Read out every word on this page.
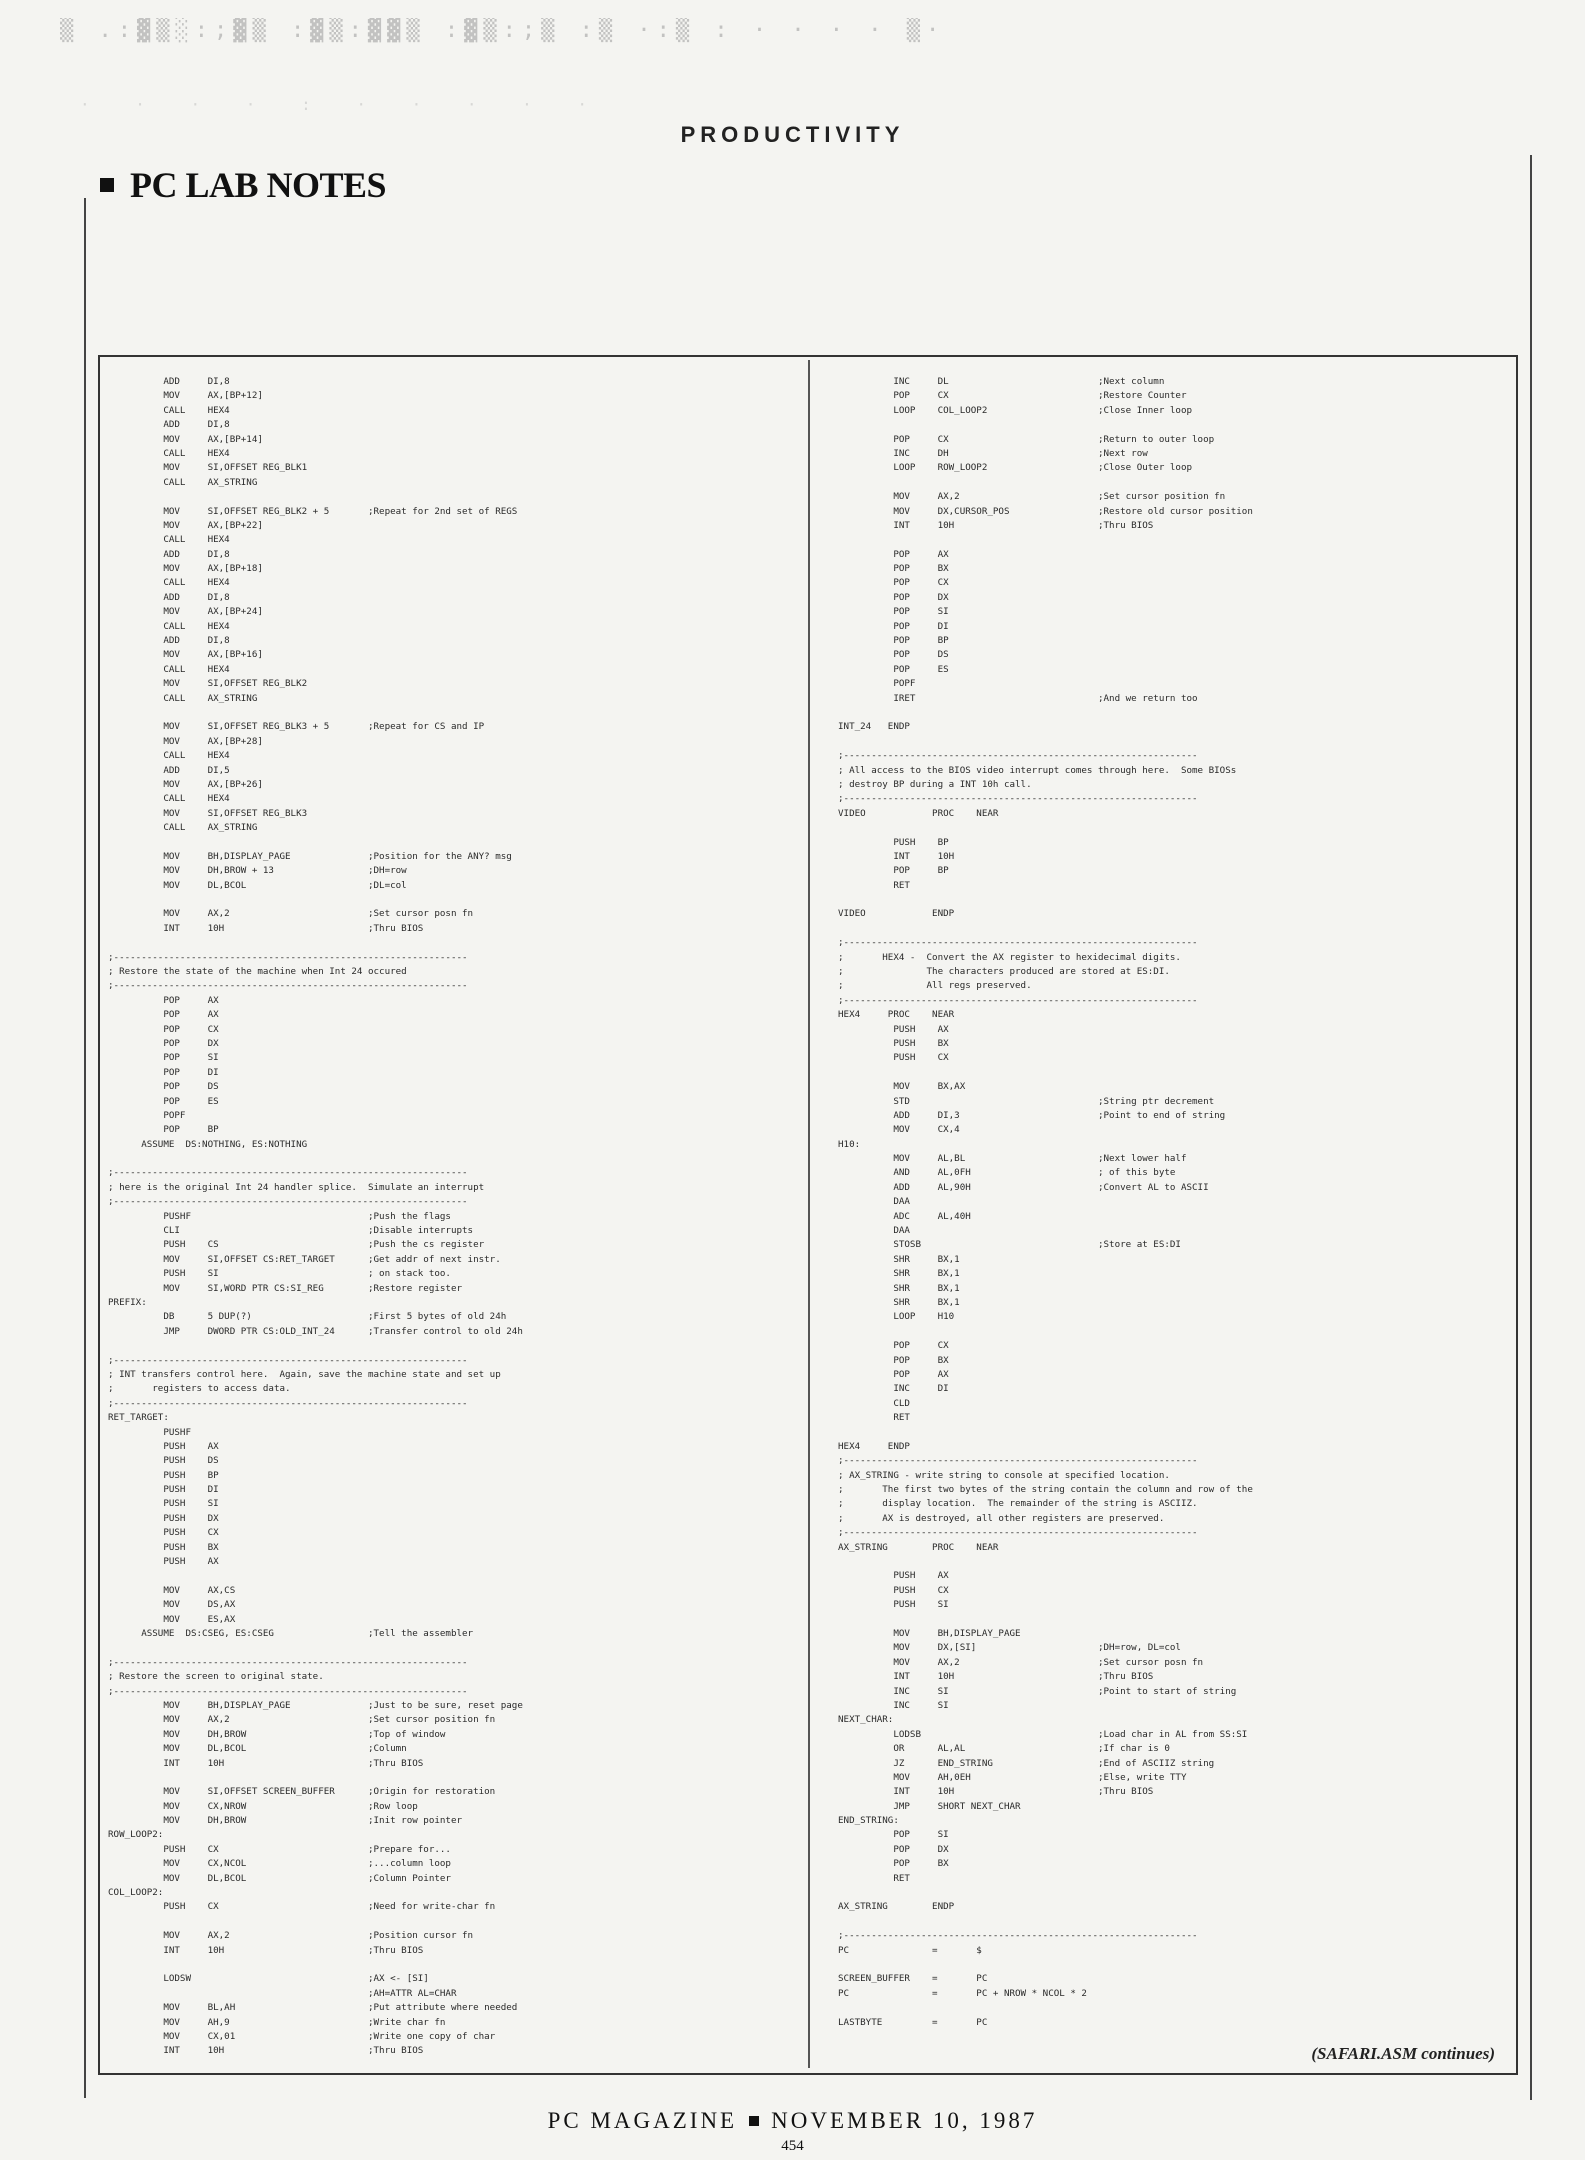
▒ .:▓▒░:;▓▒ :▓▒:▓▓▒ :▓▒:;▒ :▒ ·:▒ : · · · · ▒·
· · · · : · · · · ·
PRODUCTIVITY
PC LAB NOTES
ADD     DI,8
MOV     AX,[BP+12]
CALL    HEX4
ADD     DI,8
MOV     AX,[BP+14]
CALL    HEX4
MOV     SI,OFFSET REG_BLK1
CALL    AX_STRING
MOV     SI,OFFSET REG_BLK2 + 5       ;Repeat for 2nd set of REGS
MOV     AX,[BP+22]
CALL    HEX4
ADD     DI,8
MOV     AX,[BP+18]
CALL    HEX4
ADD     DI,8
MOV     AX,[BP+24]
CALL    HEX4
ADD     DI,8
MOV     AX,[BP+16]
CALL    HEX4
MOV     SI,OFFSET REG_BLK2
CALL    AX_STRING
MOV     SI,OFFSET REG_BLK3 + 5       ;Repeat for CS and IP
MOV     AX,[BP+28]
CALL    HEX4
ADD     DI,5
MOV     AX,[BP+26]
CALL    HEX4
MOV     SI,OFFSET REG_BLK3
CALL    AX_STRING
MOV     BH,DISPLAY_PAGE              ;Position for the ANY? msg
MOV     DH,BROW + 13                 ;DH=row
MOV     DL,BCOL                      ;DL=col
MOV     AX,2                         ;Set cursor posn fn
INT     10H                          ;Thru BIOS
;----------------------------------------------------------------
; Restore the state of the machine when Int 24 occured
;----------------------------------------------------------------
POP     AX
POP     AX
POP     CX
POP     DX
POP     SI
POP     DI
POP     DS
POP     ES
POPF
POP     BP
ASSUME  DS:NOTHING, ES:NOTHING
;----------------------------------------------------------------
; here is the original Int 24 handler splice.  Simulate an interrupt
;----------------------------------------------------------------
PUSHF                                ;Push the flags
CLI                                  ;Disable interrupts
PUSH    CS                           ;Push the cs register
MOV     SI,OFFSET CS:RET_TARGET      ;Get addr of next instr.
PUSH    SI                           ; on stack too.
MOV     SI,WORD PTR CS:SI_REG        ;Restore register
PREFIX:
DB      5 DUP(?)                     ;First 5 bytes of old 24h
JMP     DWORD PTR CS:OLD_INT_24      ;Transfer control to old 24h
;----------------------------------------------------------------
; INT transfers control here.  Again, save the machine state and set up
;       registers to access data.
;----------------------------------------------------------------
RET_TARGET:
PUSHF
PUSH    AX
PUSH    DS
PUSH    BP
PUSH    DI
PUSH    SI
PUSH    DX
PUSH    CX
PUSH    BX
PUSH    AX
MOV     AX,CS
MOV     DS,AX
MOV     ES,AX
ASSUME  DS:CSEG, ES:CSEG                 ;Tell the assembler
;----------------------------------------------------------------
; Restore the screen to original state.
;----------------------------------------------------------------
MOV     BH,DISPLAY_PAGE              ;Just to be sure, reset page
MOV     AX,2                         ;Set cursor position fn
MOV     DH,BROW                      ;Top of window
MOV     DL,BCOL                      ;Column
INT     10H                          ;Thru BIOS
MOV     SI,OFFSET SCREEN_BUFFER      ;Origin for restoration
MOV     CX,NROW                      ;Row loop
MOV     DH,BROW                      ;Init row pointer
ROW_LOOP2:
PUSH    CX                           ;Prepare for...
MOV     CX,NCOL                      ;...column loop
MOV     DL,BCOL                      ;Column Pointer
COL_LOOP2:
PUSH    CX                           ;Need for write-char fn
MOV     AX,2                         ;Position cursor fn
INT     10H                          ;Thru BIOS
LODSW                                ;AX <- [SI]
;AH=ATTR AL=CHAR
MOV     BL,AH                        ;Put attribute where needed
MOV     AH,9                         ;Write char fn
MOV     CX,01                        ;Write one copy of char
INT     10H                          ;Thru BIOS
INC     DL                           ;Next column
POP     CX                           ;Restore Counter
LOOP    COL_LOOP2                    ;Close Inner loop
POP     CX                           ;Return to outer loop
INC     DH                           ;Next row
LOOP    ROW_LOOP2                    ;Close Outer loop
MOV     AX,2                         ;Set cursor position fn
MOV     DX,CURSOR_POS                ;Restore old cursor position
INT     10H                          ;Thru BIOS
POP     AX
POP     BX
POP     CX
POP     DX
POP     SI
POP     DI
POP     BP
POP     DS
POP     ES
POPF
IRET                                 ;And we return too
INT_24   ENDP
;----------------------------------------------------------------
; All access to the BIOS video interrupt comes through here.  Some BIOSs
; destroy BP during a INT 10h call.
;----------------------------------------------------------------
VIDEO            PROC    NEAR
PUSH    BP
INT     10H
POP     BP
RET
VIDEO            ENDP
;----------------------------------------------------------------
;       HEX4 -  Convert the AX register to hexidecimal digits.
;               The characters produced are stored at ES:DI.
;               All regs preserved.
;----------------------------------------------------------------
HEX4     PROC    NEAR
PUSH    AX
PUSH    BX
PUSH    CX
MOV     BX,AX
STD                                  ;String ptr decrement
ADD     DI,3                         ;Point to end of string
MOV     CX,4
H10:
MOV     AL,BL                        ;Next lower half
AND     AL,0FH                       ; of this byte
ADD     AL,90H                       ;Convert AL to ASCII
DAA
ADC     AL,40H
DAA
STOSB                                ;Store at ES:DI
SHR     BX,1
SHR     BX,1
SHR     BX,1
SHR     BX,1
LOOP    H10
POP     CX
POP     BX
POP     AX
INC     DI
CLD
RET
HEX4     ENDP
;----------------------------------------------------------------
; AX_STRING - write string to console at specified location.
;       The first two bytes of the string contain the column and row of the
;       display location.  The remainder of the string is ASCIIZ.
;       AX is destroyed, all other registers are preserved.
;----------------------------------------------------------------
AX_STRING        PROC    NEAR
PUSH    AX
PUSH    CX
PUSH    SI
MOV     BH,DISPLAY_PAGE
MOV     DX,[SI]                      ;DH=row, DL=col
MOV     AX,2                         ;Set cursor posn fn
INT     10H                          ;Thru BIOS
INC     SI                           ;Point to start of string
INC     SI
NEXT_CHAR:
LODSB                                ;Load char in AL from SS:SI
OR      AL,AL                        ;If char is 0
JZ      END_STRING                   ;End of ASCIIZ string
MOV     AH,0EH                       ;Else, write TTY
INT     10H                          ;Thru BIOS
JMP     SHORT NEXT_CHAR
END_STRING:
POP     SI
POP     DX
POP     BX
RET
AX_STRING        ENDP
;----------------------------------------------------------------
PC               =       $
SCREEN_BUFFER    =       PC
PC               =       PC + NROW * NCOL * 2
LASTBYTE         =       PC
(SAFARI.ASM continues)
PC MAGAZINE NOVEMBER 10, 1987
454
